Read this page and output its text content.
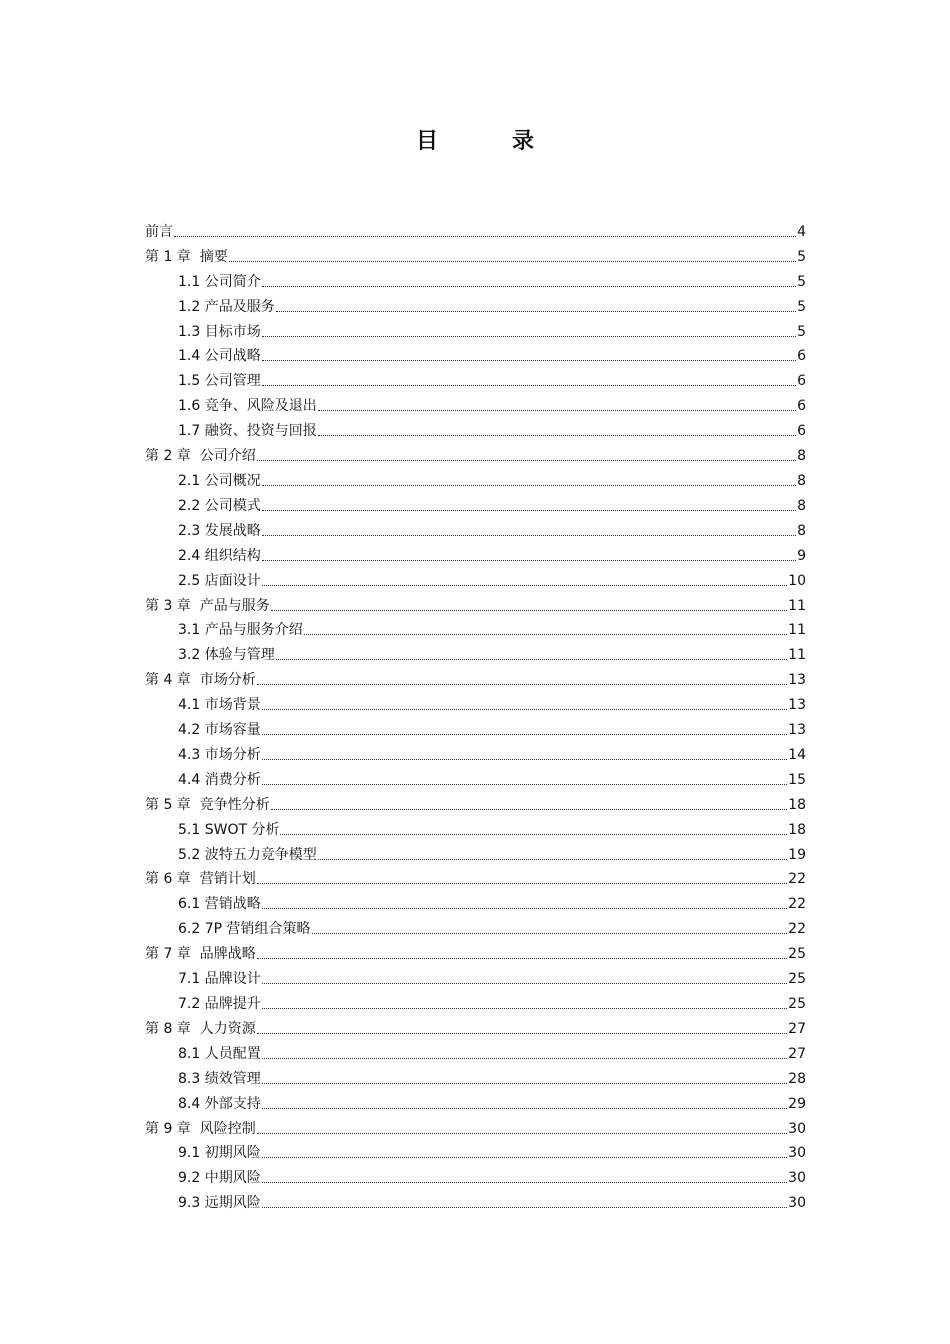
目　录
前言	4
第 1 章  摘要	5
1.1 公司简介	5
1.2 产品及服务	5
1.3 目标市场	5
1.4 公司战略	6
1.5 公司管理	6
1.6 竞争、风险及退出	6
1.7 融资、投资与回报	6
第 2 章  公司介绍	8
2.1 公司概况	8
2.2 公司模式	8
2.3 发展战略	8
2.4 组织结构	9
2.5 店面设计	10
第 3 章  产品与服务	11
3.1 产品与服务介绍	11
3.2 体验与管理	11
第 4 章  市场分析	13
4.1 市场背景	13
4.2 市场容量	13
4.3 市场分析	14
4.4 消费分析	15
第 5 章  竞争性分析	18
5.1 SWOT 分析	18
5.2 波特五力竞争模型	19
第 6 章  营销计划	22
6.1 营销战略	22
6.2 7P 营销组合策略	22
第 7 章  品牌战略	25
7.1 品牌设计	25
7.2 品牌提升	25
第 8 章  人力资源	27
8.1 人员配置	27
8.3 绩效管理	28
8.4 外部支持	29
第 9 章  风险控制	30
9.1 初期风险	30
9.2 中期风险	30
9.3 远期风险	30
